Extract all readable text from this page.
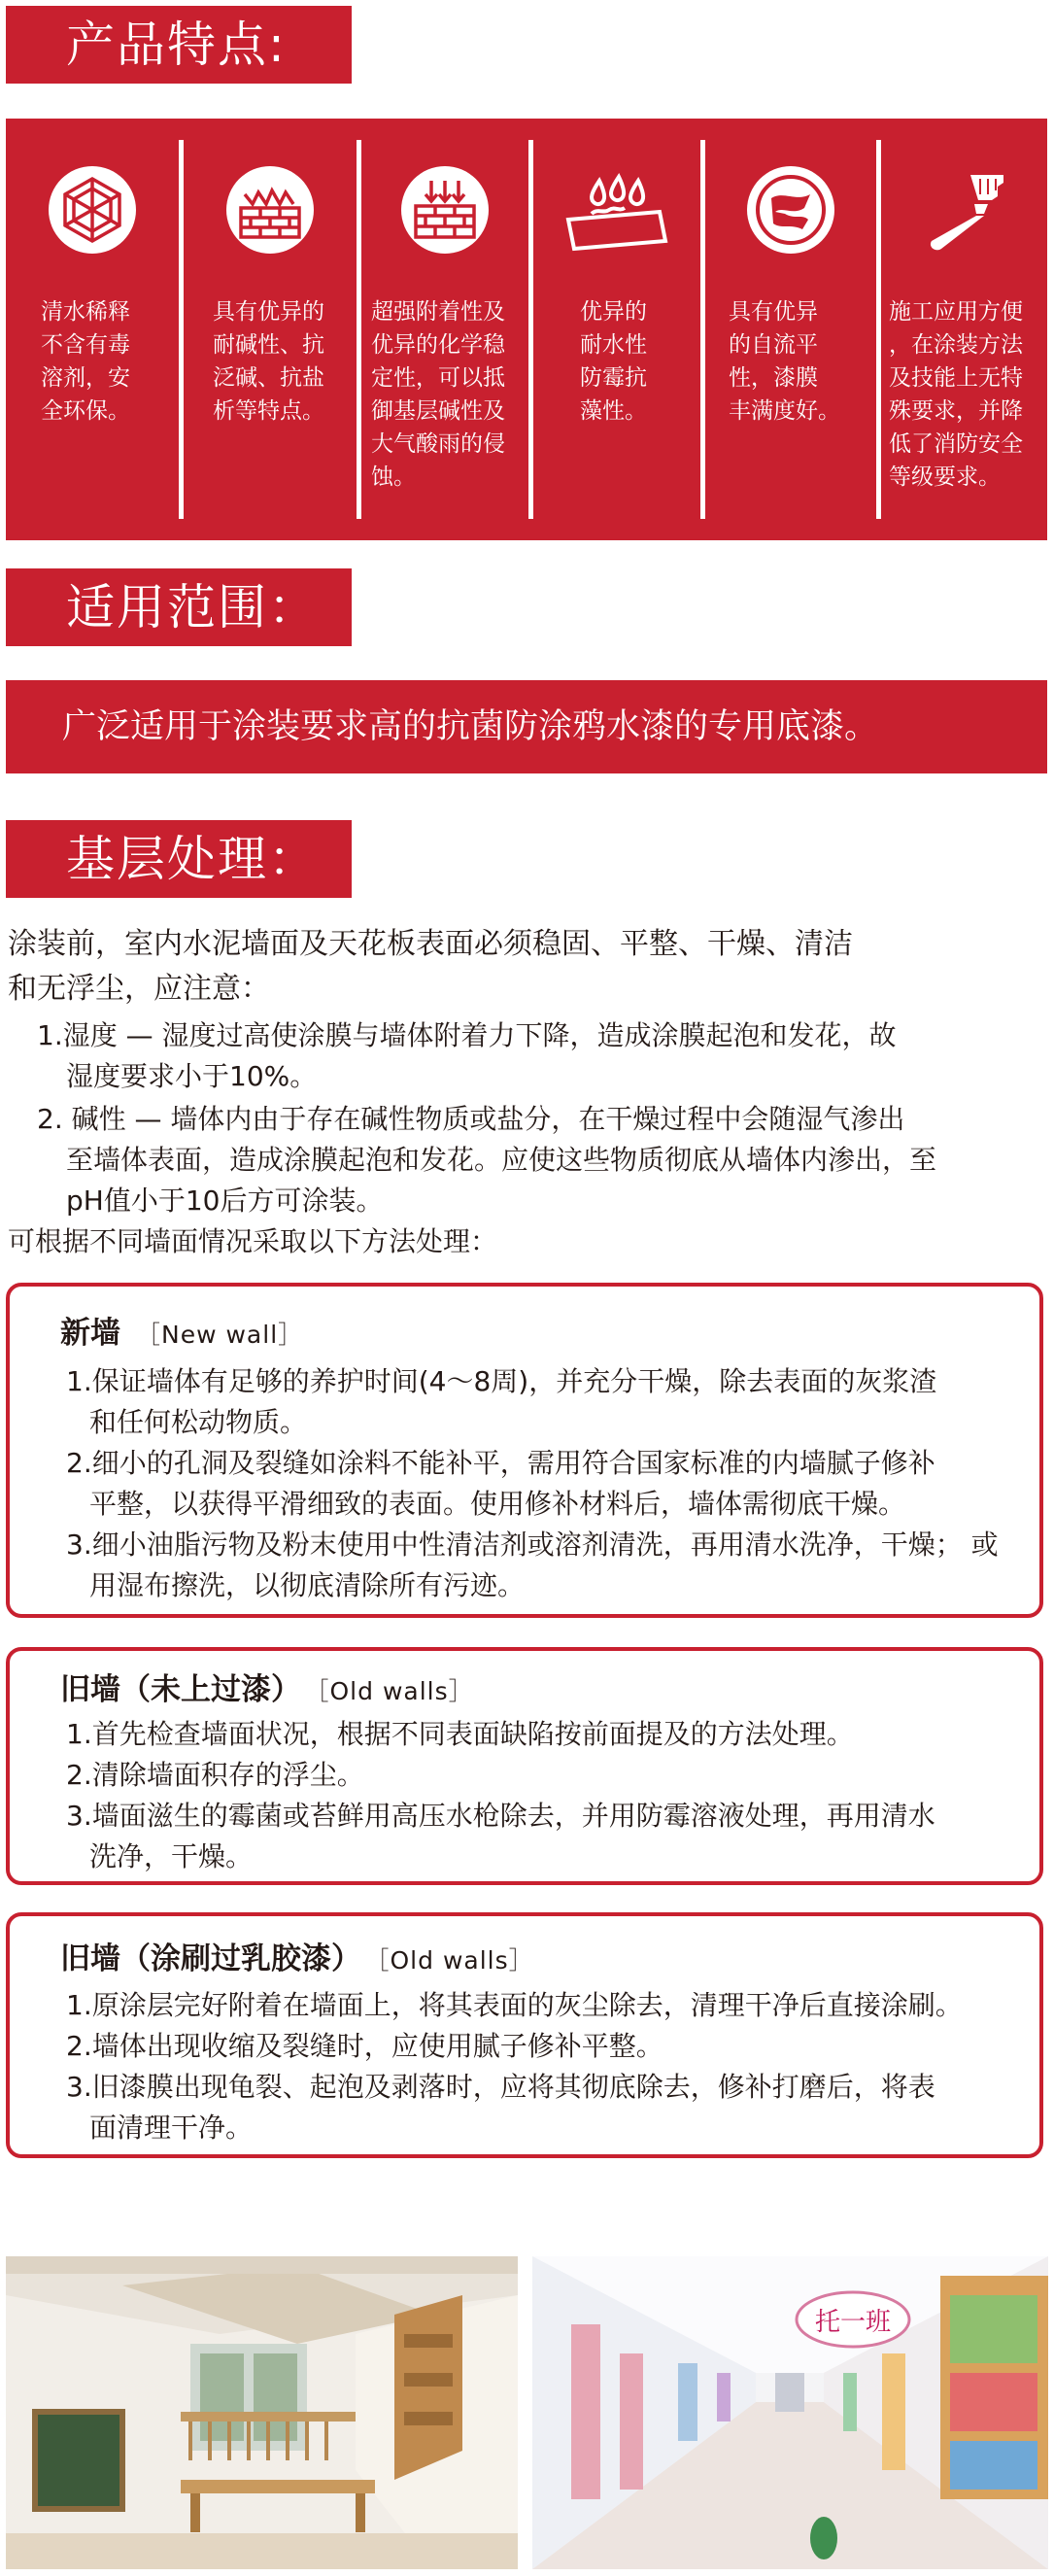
产品特点:
清水稀释
不含有毒
溶剂，安
全环保。
具有优异的
耐碱性、抗
泛碱、抗盐
析等特点。
超强附着性及
优异的化学稳
定性，可以抵
御基层碱性及
大气酸雨的侵
蚀。
优异的
耐水性
防霉抗
藻性。
具有优异
的自流平
性，漆膜
丰满度好。
施工应用方便
，在涂装方法
及技能上无特
殊要求，并降
低了消防安全
等级要求。
适用范围：
广泛适用于涂装要求高的抗菌防涂鸦水漆的专用底漆。
基层处理：
涂装前，室内水泥墙面及天花板表面必须稳固、平整、干燥、清洁
和无浮尘，应注意：
1.湿度 — 湿度过高使涂膜与墙体附着力下降，造成涂膜起泡和发花，故
湿度要求小于10%。
2. 碱性 — 墙体内由于存在碱性物质或盐分，在干燥过程中会随湿气渗出
至墙体表面，造成涂膜起泡和发花。应使这些物质彻底从墙体内渗出，至
pH值小于10后方可涂装。
可根据不同墙面情况采取以下方法处理：
新墙 ［New wall］
1.保证墙体有足够的养护时间(4～8周)，并充分干燥，除去表面的灰浆渣
和任何松动物质。
2.细小的孔洞及裂缝如涂料不能补平，需用符合国家标准的内墙腻子修补
平整，以获得平滑细致的表面。使用修补材料后，墙体需彻底干燥。
3.细小油脂污物及粉末使用中性清洁剂或溶剂清洗，再用清水洗净，干燥； 或
用湿布擦洗，以彻底清除所有污迹。
旧墙（未上过漆） ［Old walls］
1.首先检查墙面状况，根据不同表面缺陷按前面提及的方法处理。
2.清除墙面积存的浮尘。
3.墙面滋生的霉菌或苔鲜用高压水枪除去，并用防霉溶液处理，再用清水
洗净，干燥。
旧墙（涂刷过乳胶漆） ［Old walls］
1.原涂层完好附着在墙面上，将其表面的灰尘除去，清理干净后直接涂刷。
2.墙体出现收缩及裂缝时，应使用腻子修补平整。
3.旧漆膜出现龟裂、起泡及剥落时，应将其彻底除去，修补打磨后，将表
面清理干净。
托一班
